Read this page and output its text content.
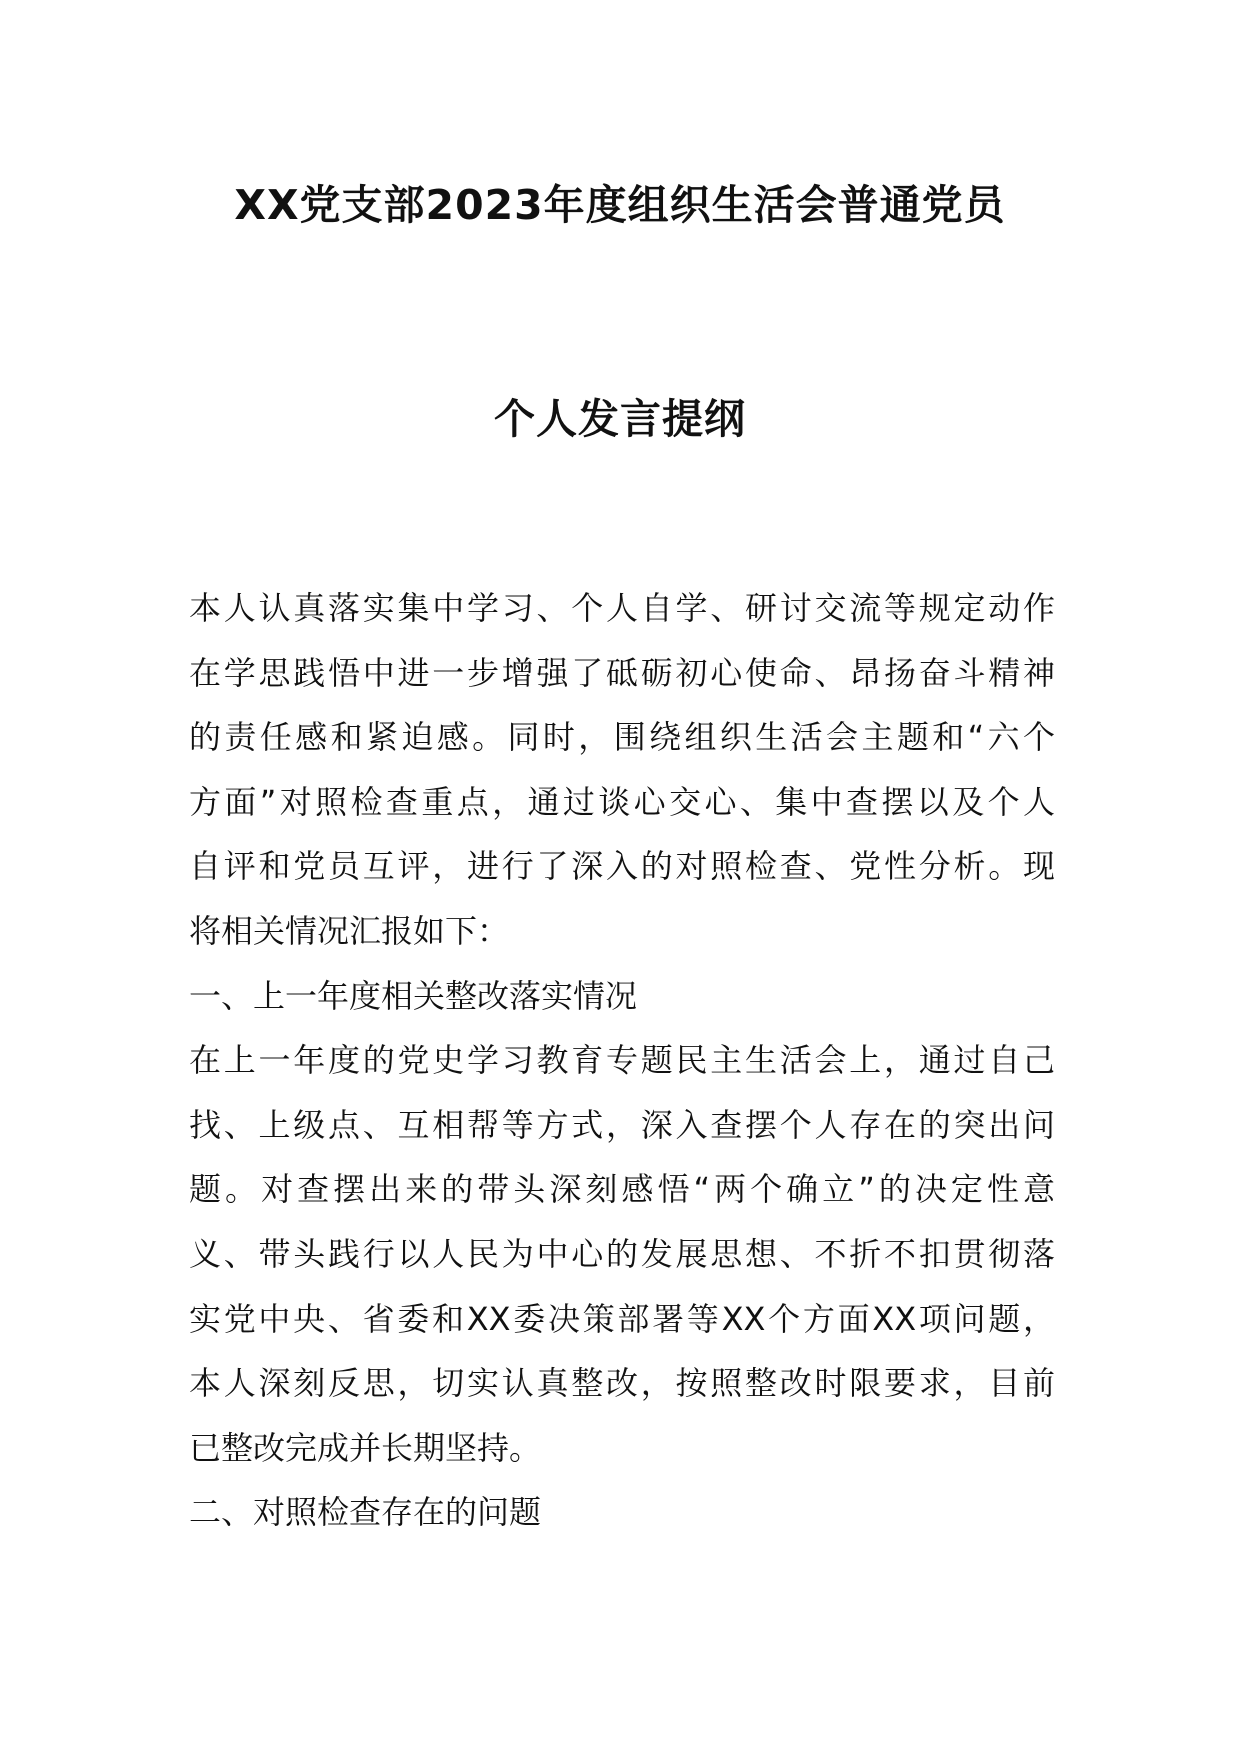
XX党支部2023年度组织生活会普通党员
个人发言提纲
本人认真落实集中学习、个人自学、研讨交流等规定动作
在学思践悟中进一步增强了砥砺初心使命、昂扬奋斗精神
的责任感和紧迫感。同时，围绕组织生活会主题和“六个
方面”对照检查重点，通过谈心交心、集中查摆以及个人
自评和党员互评，进行了深入的对照检查、党性分析。现
将相关情况汇报如下：
一、上一年度相关整改落实情况
在上一年度的党史学习教育专题民主生活会上，通过自己
找、上级点、互相帮等方式，深入查摆个人存在的突出问
题。对查摆出来的带头深刻感悟“两个确立”的决定性意
义、带头践行以人民为中心的发展思想、不折不扣贯彻落
实党中央、省委和XX委决策部署等XX个方面XX项问题，
本人深刻反思，切实认真整改，按照整改时限要求，目前
已整改完成并长期坚持。
二、对照检查存在的问题
